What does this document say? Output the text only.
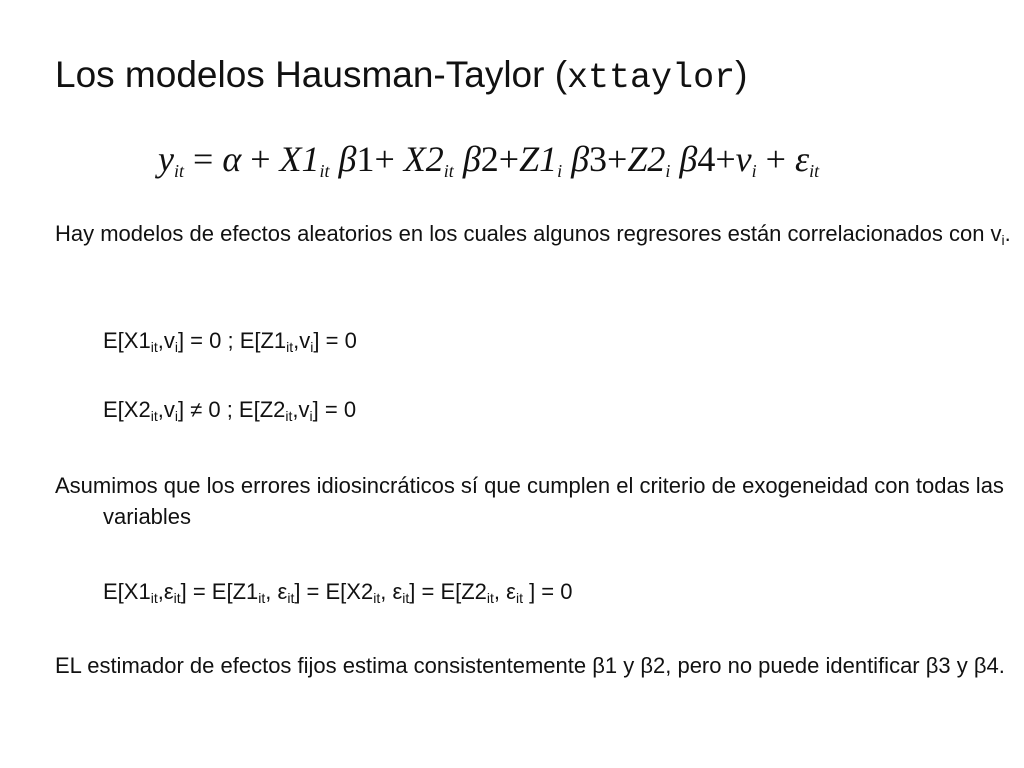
Los modelos Hausman-Taylor (xttaylor)
$y_{it} = \alpha + X1_{it}$ $\beta 1+ X2_{it}$ $\beta 2+Z1_i$ $\beta 3+Z2_i$ $\beta 4+\nu_i + \varepsilon_{it}$
Hay modelos de efectos aleatorios en los cuales algunos regresores están correlacionados con $v_i$.
$E[X1_{it},v_i] = 0$ ; $E[Z1_{it},v_i] = 0$
$E[X2_{it},v_i] \ne 0$ ; $E[Z2_{it},v_i] = 0$
Asumimos que los errores idiosincráticos sí que cumplen el criterio de exogeneidad con todas las variables
$E[X1_{it},\varepsilon_{it}] = E[Z1_{it}$, $\varepsilon_{it}] = E[X2_{it}$, $\varepsilon_{it}] = E[Z2_{it}$, $\varepsilon_{it}$ ] = 0
EL estimador de efectos fijos estima consistentemente β1 y β2, pero no puede identificar β3 y β4.
